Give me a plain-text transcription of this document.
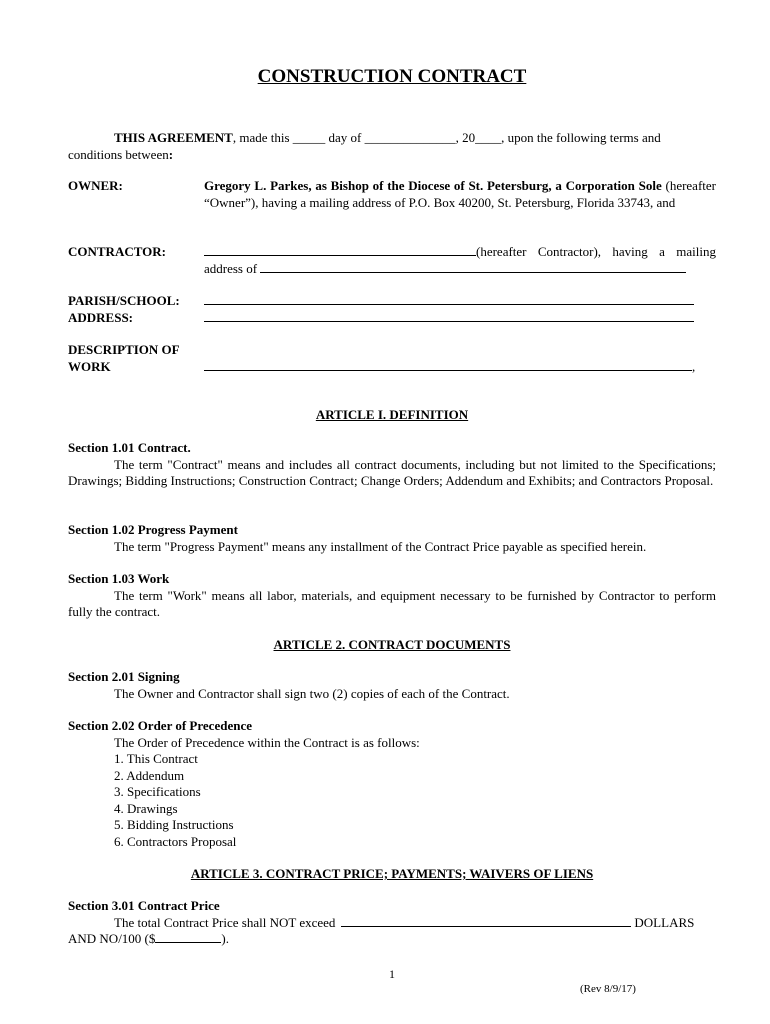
CONSTRUCTION CONTRACT
THIS AGREEMENT, made this _____ day of ______________, 20____, upon the following terms and
conditions between:
OWNER:	Gregory L. Parkes, as Bishop of the Diocese of St. Petersburg, a Corporation Sole (hereafter “Owner”), having a mailing address of P.O. Box 40200, St. Petersburg, Florida 33743, and
CONTRACTOR:	(hereafter Contractor), having a mailing
address of
PARISH/SCHOOL:
ADDRESS:
DESCRIPTION OF
WORK
	,
ARTICLE I. DEFINITION
Section 1.01 Contract.
The term "Contract" means and includes all contract documents, including but not limited to the Specifications; Drawings; Bidding Instructions; Construction Contract; Change Orders; Addendum and Exhibits; and Contractors Proposal.
Section 1.02 Progress Payment
The term "Progress Payment" means any installment of the Contract Price payable as specified herein.
Section 1.03 Work
The term "Work" means all labor, materials, and equipment necessary to be furnished by Contractor to perform fully the contract.
ARTICLE 2. CONTRACT DOCUMENTS
Section 2.01 Signing
The Owner and Contractor shall sign two (2) copies of each of the Contract.
Section 2.02 Order of Precedence
The Order of Precedence within the Contract is as follows:
1. This Contract
2. Addendum
3. Specifications
4. Drawings
5. Bidding Instructions
6. Contractors Proposal
ARTICLE 3. CONTRACT PRICE; PAYMENTS; WAIVERS OF LIENS
Section 3.01 Contract Price
The total Contract Price shall NOT exceed	DOLLARS
AND NO/100 ($	).
1
(Rev 8/9/17)
